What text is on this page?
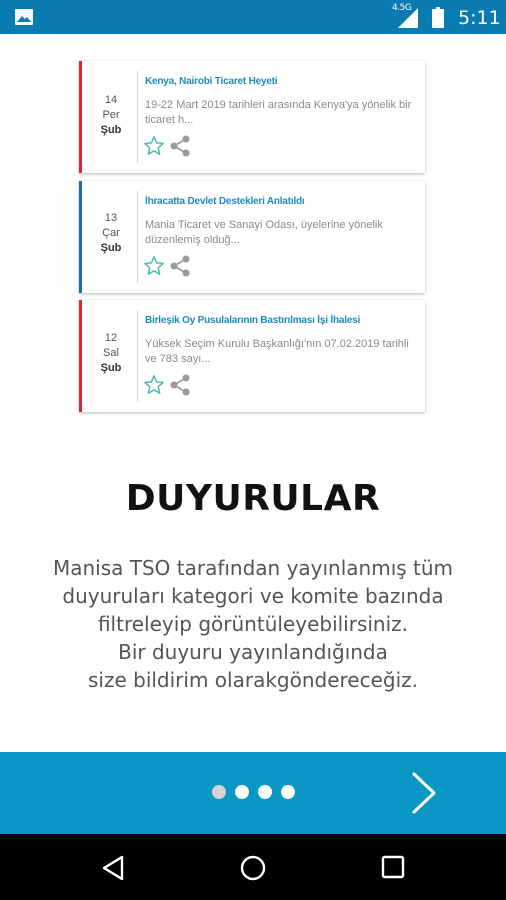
4.5G 5:11
14
Per
Şub
Kenya, Nairobi Ticaret Heyeti
19-22 Mart 2019 tarihleri arasında Kenya'ya yönelik bir ticaret h...
13
Çar
Şub
İhracatta Devlet Destekleri Anlatıldı
Mania Ticaret ve Sanayi Odası, üyelerine yönelik düzenlemiş olduğ...
12
Sal
Şub
Birleşik Oy Pusulalarının Bastırılması İşi İhalesi
Yüksek Seçim Kurulu Başkanlığı'nın 07.02.2019 tarihli ve 783 sayı...
DUYURULAR
Manisa TSO tarafından yayınlanmış tüm
duyuruları kategori ve komite bazında
filtreleyip görüntüleyebilirsiniz.
Bir duyuru yayınlandığında
size bildirim olarakgöndereceğiz.
